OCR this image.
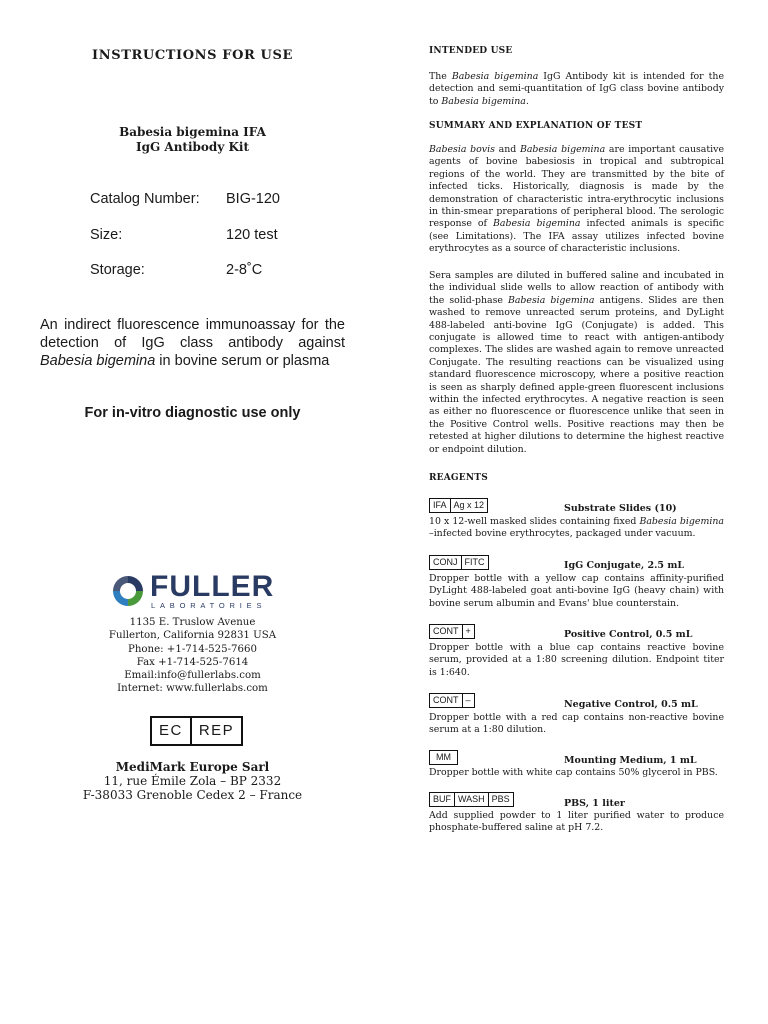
INSTRUCTIONS FOR USE
Babesia bigemina IFA
IgG Antibody Kit
Catalog Number: BIG-120
Size:	120 test
Storage:	2-8˚C
An indirect fluorescence immunoassay for the detection of IgG class antibody against Babesia bigemina in bovine serum or plasma
For in-vitro diagnostic use only
FULLER
LABORATORIES
1135 E. Truslow Avenue
Fullerton, California 92831 USA
Phone: +1-714-525-7660
Fax +1-714-525-7614
Email:info@fullerlabs.com
Internet: www.fullerlabs.com
EC	REP
MediMark Europe Sarl
11, rue Émile Zola – BP 2332
F-38033 Grenoble Cedex 2 – France
INTENDED USE

The Babesia bigemina IgG Antibody kit is intended for the detection and semi-quantitation of IgG class bovine antibody to Babesia bigemina.

SUMMARY AND EXPLANATION OF TEST

Babesia bovis and Babesia bigemina are important causative agents of bovine babesiosis in tropical and subtropical regions of the world. They are transmitted by the bite of infected ticks. Historically, diagnosis is made by the demonstration of characteristic intra-erythrocytic inclusions in thin-smear preparations of peripheral blood. The serologic response of Babesia bigemina infected animals is specific (see Limitations). The IFA assay utilizes infected bovine erythrocytes as a source of characteristic inclusions.

Sera samples are diluted in buffered saline and incubated in the individual slide wells to allow reaction of antibody with the solid-phase Babesia bigemina antigens. Slides are then washed to remove unreacted serum proteins, and DyLight 488-labeled anti-bovine IgG (Conjugate) is added. This conjugate is allowed time to react with antigen-antibody complexes. The slides are washed again to remove unreacted Conjugate. The resulting reactions can be visualized using standard fluorescence microscopy, where a positive reaction is seen as sharply defined apple-green fluorescent inclusions within the infected erythrocytes. A negative reaction is seen as either no fluorescence or fluorescence unlike that seen in the Positive Control wells. Positive reactions may then be retested at higher dilutions to determine the highest reactive or endpoint dilution.

REAGENTS
IFA Ag x 12	Substrate Slides (10)

10 x 12-well masked slides containing fixed Babesia bigemina –infected bovine erythrocytes, packaged under vacuum.

CONJ FITC	IgG Conjugate, 2.5 mL

Dropper bottle with a yellow cap contains affinity-purified DyLight 488-labeled goat anti-bovine IgG (heavy chain) with bovine serum albumin and Evans' blue counterstain.

CONT +	Positive Control, 0.5 mL

Dropper bottle with a blue cap contains reactive bovine serum, provided at a 1:80 screening dilution. Endpoint titer is 1:640.

CONT –	Negative Control, 0.5 mL

Dropper bottle with a red cap contains non-reactive bovine serum at a 1:80 dilution.

MM	Mounting Medium, 1 mL

Dropper bottle with white cap contains 50% glycerol in PBS.

BUF WASH PBS	PBS, 1 liter

Add supplied powder to 1 liter purified water to produce phosphate-buffered saline at pH 7.2.
